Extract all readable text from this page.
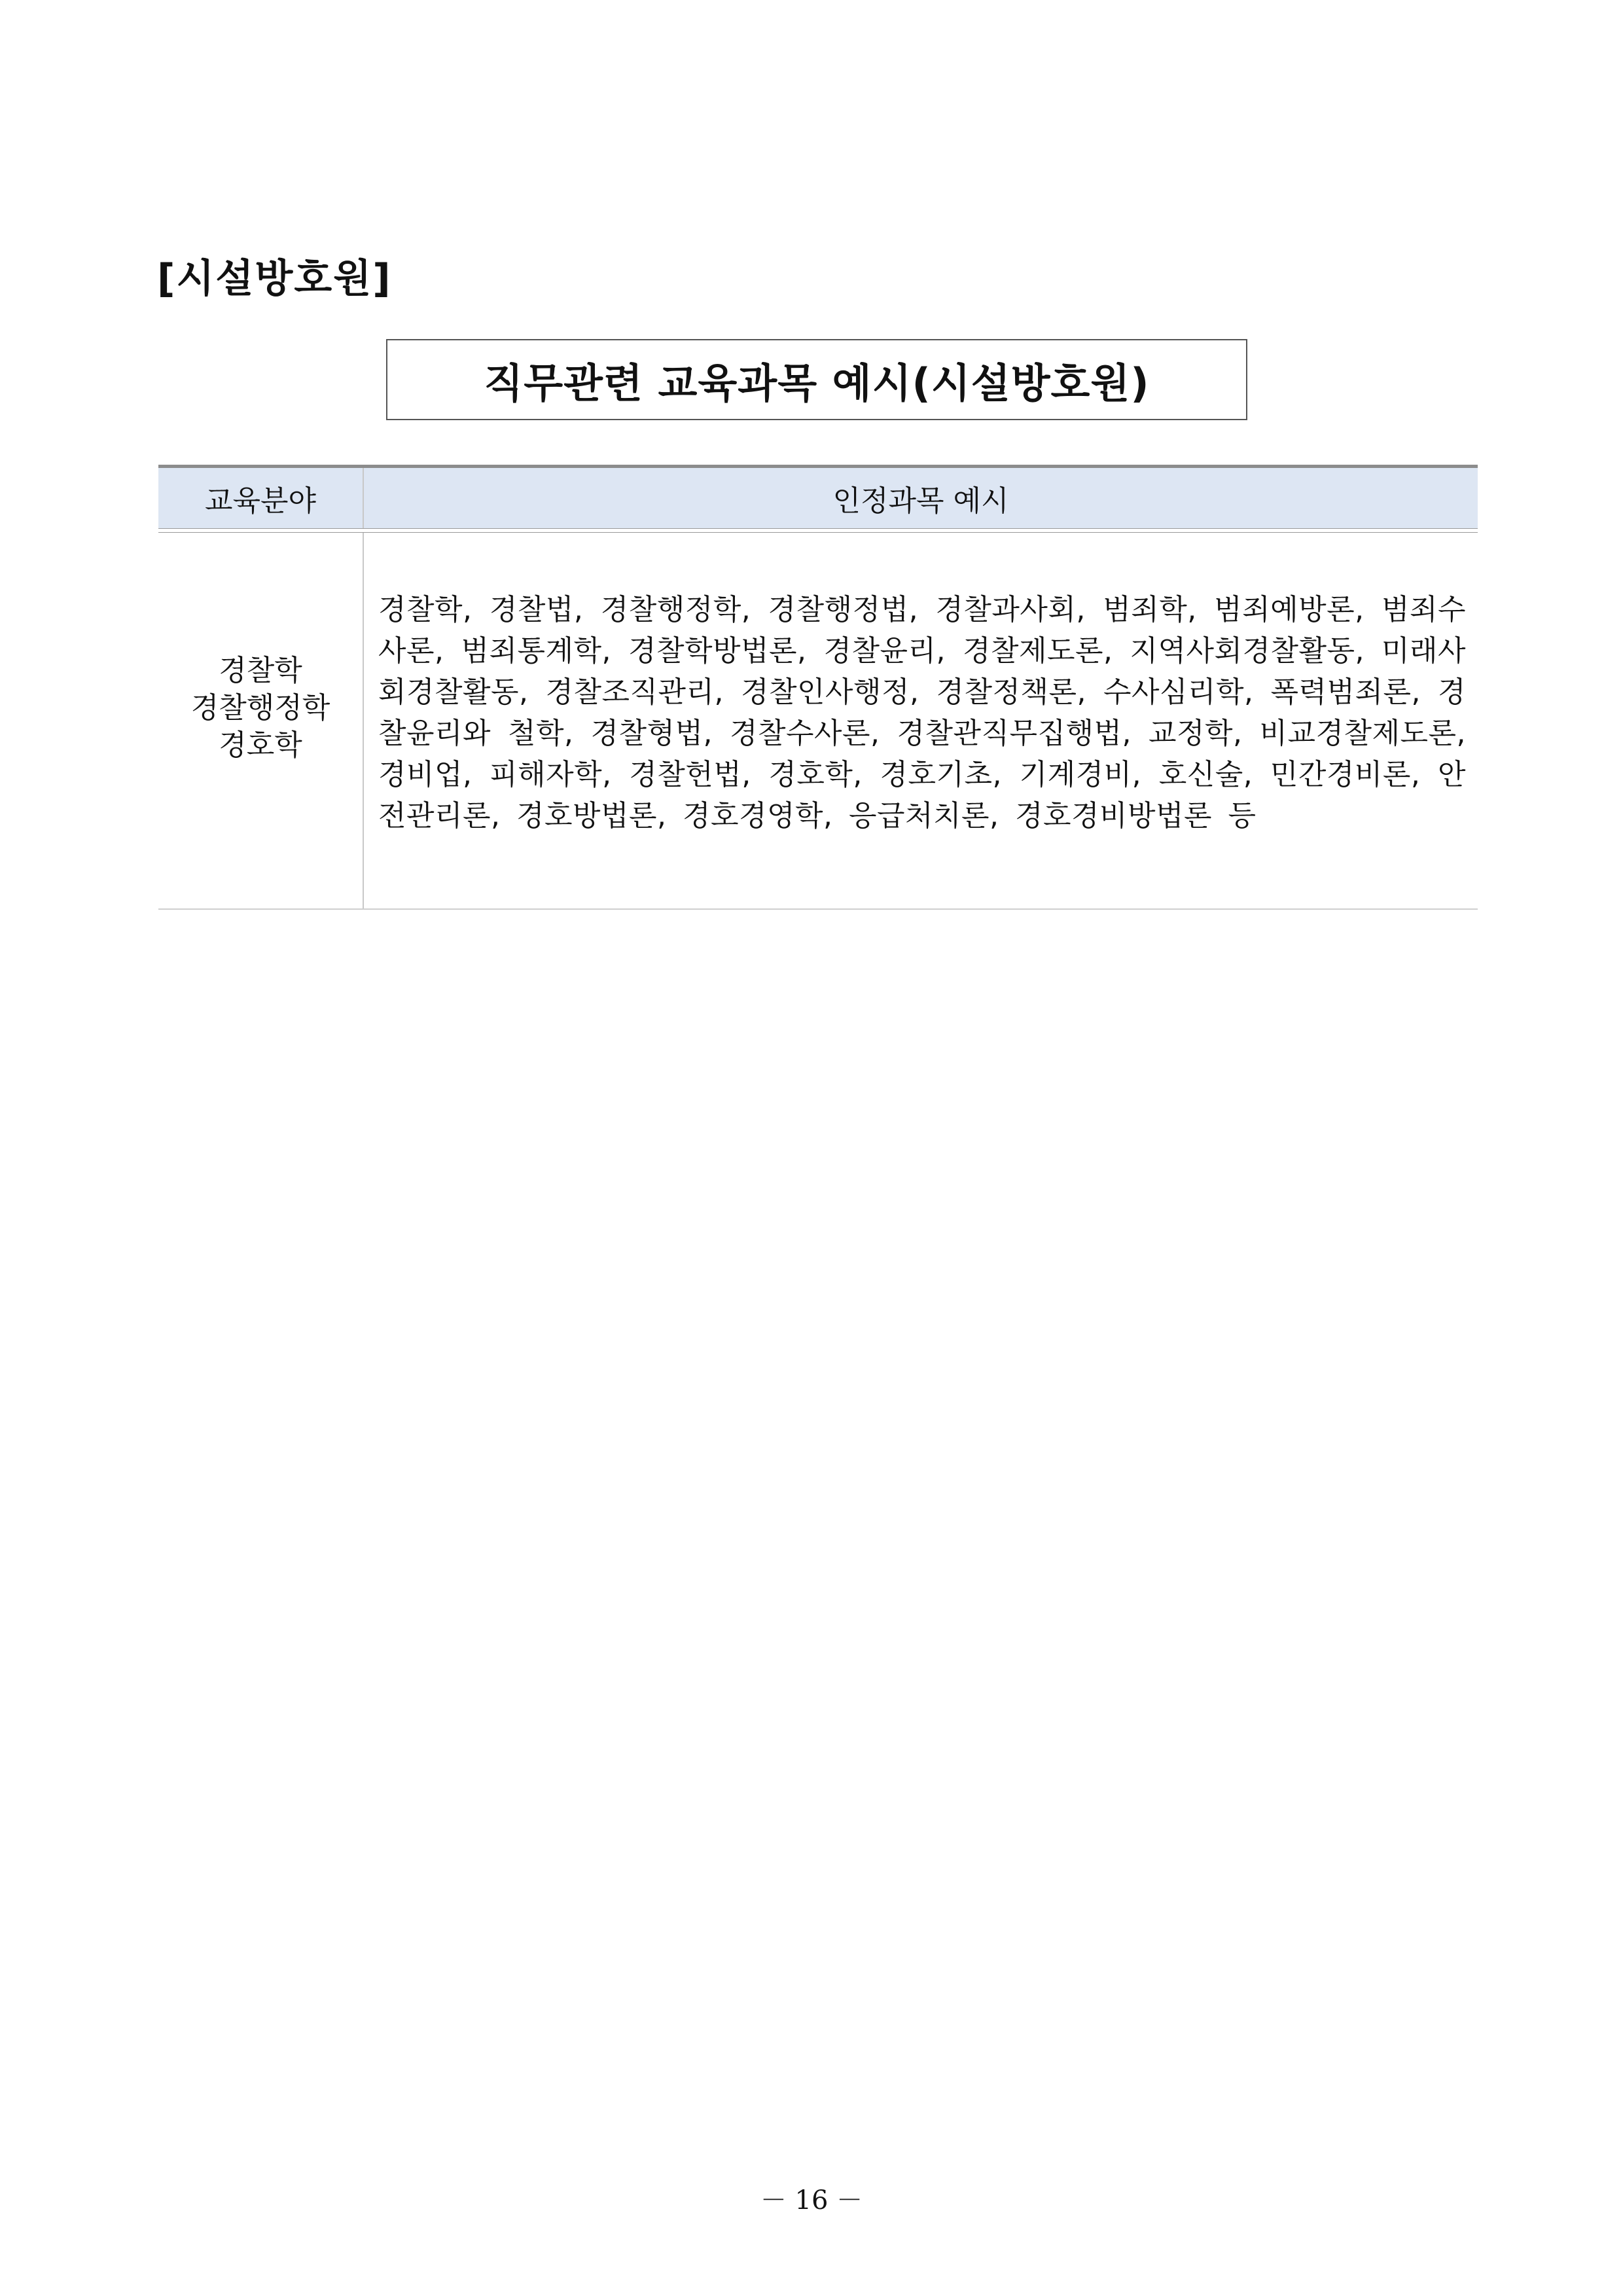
[시설방호원]
직무관련 교육과목 예시(시설방호원)
교육분야	인정과목 예시
경찰학
경찰행정학
경호학
경찰학, 경찰법, 경찰행정학, 경찰행정법, 경찰과사회, 범죄학, 범죄예방론, 범죄수사론, 범죄통계학, 경찰학방법론, 경찰윤리, 경찰제도론, 지역사회경찰활동, 미래사회경찰활동, 경찰조직관리, 경찰인사행정, 경찰정책론, 수사심리학, 폭력범죄론, 경찰윤리와 철학, 경찰형법, 경찰수사론, 경찰관직무집행법, 교정학, 비교경찰제도론, 경비업, 피해자학, 경찰헌법, 경호학, 경호기초, 기계경비, 호신술, 민간경비론, 안전관리론, 경호방법론, 경호경영학, 응급처치론, 경호경비방법론 등
－ 16 －
